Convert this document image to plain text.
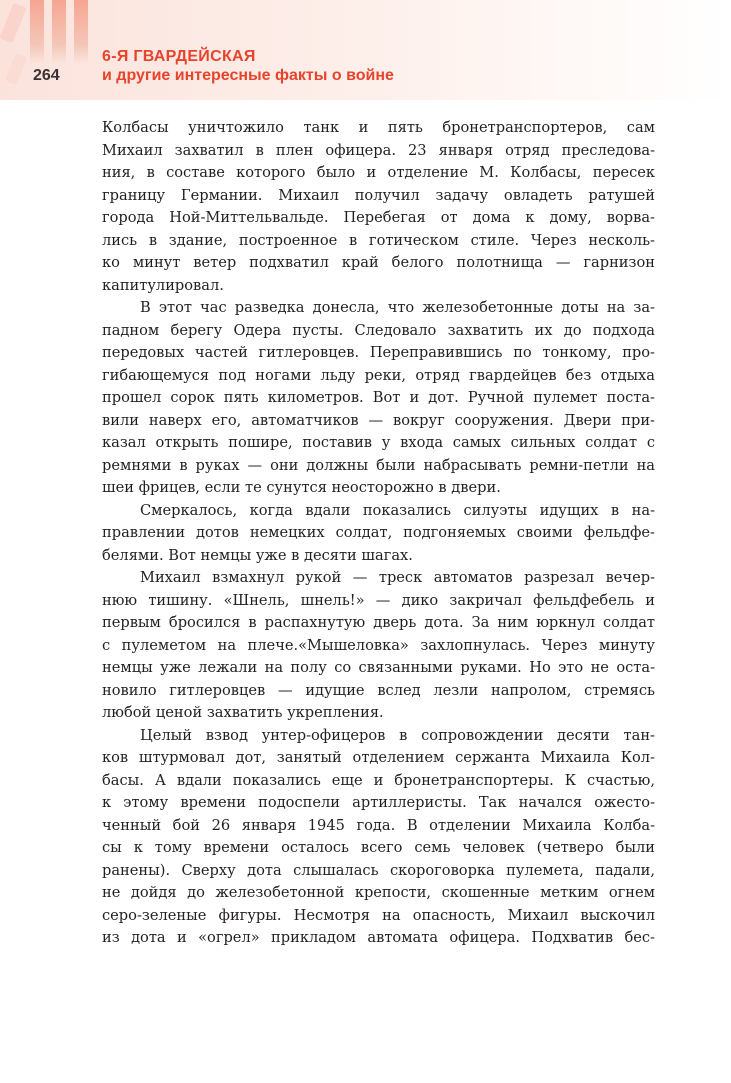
264
6-Я ГВАРДЕЙСКАЯ
и другие интересные факты о войне
Колбасы уничтожило танк и пять бронетранспортеров, сам
Михаил захватил в плен офицера. 23 января отряд преследова-
ния, в составе которого было и отделение М. Колбасы, пересек
границу Германии. Михаил получил задачу овладеть ратушей
города Ной-Миттельвальде. Перебегая от дома к дому, ворва-
лись в здание, построенное в готическом стиле. Через несколь-
ко минут ветер подхватил край белого полотнища — гарнизон
капитулировал.
В этот час разведка донесла, что железобетонные доты на за-
падном берегу Одера пусты. Следовало захватить их до подхода
передовых частей гитлеровцев. Переправившись по тонкому, про-
гибающемуся под ногами льду реки, отряд гвардейцев без отдыха
прошел сорок пять километров. Вот и дот. Ручной пулемет поста-
вили наверх его, автоматчиков — вокруг сооружения. Двери при-
казал открыть пошире, поставив у входа самых сильных солдат с
ремнями в руках — они должны были набрасывать ремни-петли на
шеи фрицев, если те сунутся неосторожно в двери.
Смеркалось, когда вдали показались силуэты идущих в на-
правлении дотов немецких солдат, подгоняемых своими фельдфе-
белями. Вот немцы уже в десяти шагах.
Михаил взмахнул рукой — треск автоматов разрезал вечер-
нюю тишину. «Шнель, шнель!» — дико закричал фельдфебель и
первым бросился в распахнутую дверь дота. За ним юркнул солдат
с пулеметом на плече.«Мышеловка» захлопнулась. Через минуту
немцы уже лежали на полу со связанными руками. Но это не оста-
новило гитлеровцев — идущие вслед лезли напролом, стремясь
любой ценой захватить укрепления.
Целый взвод унтер-офицеров в сопровождении десяти тан-
ков штурмовал дот, занятый отделением сержанта Михаила Кол-
басы. А вдали показались еще и бронетранспортеры. К счастью,
к этому времени подоспели артиллеристы. Так начался ожесто-
ченный бой 26 января 1945 года. В отделении Михаила Колба-
сы к тому времени осталось всего семь человек (четверо были
ранены). Сверху дота слышалась скороговорка пулемета, падали,
не дойдя до железобетонной крепости, скошенные метким огнем
серо-зеленые фигуры. Несмотря на опасность, Михаил выскочил
из дота и «огрел» прикладом автомата офицера. Подхватив бес-
